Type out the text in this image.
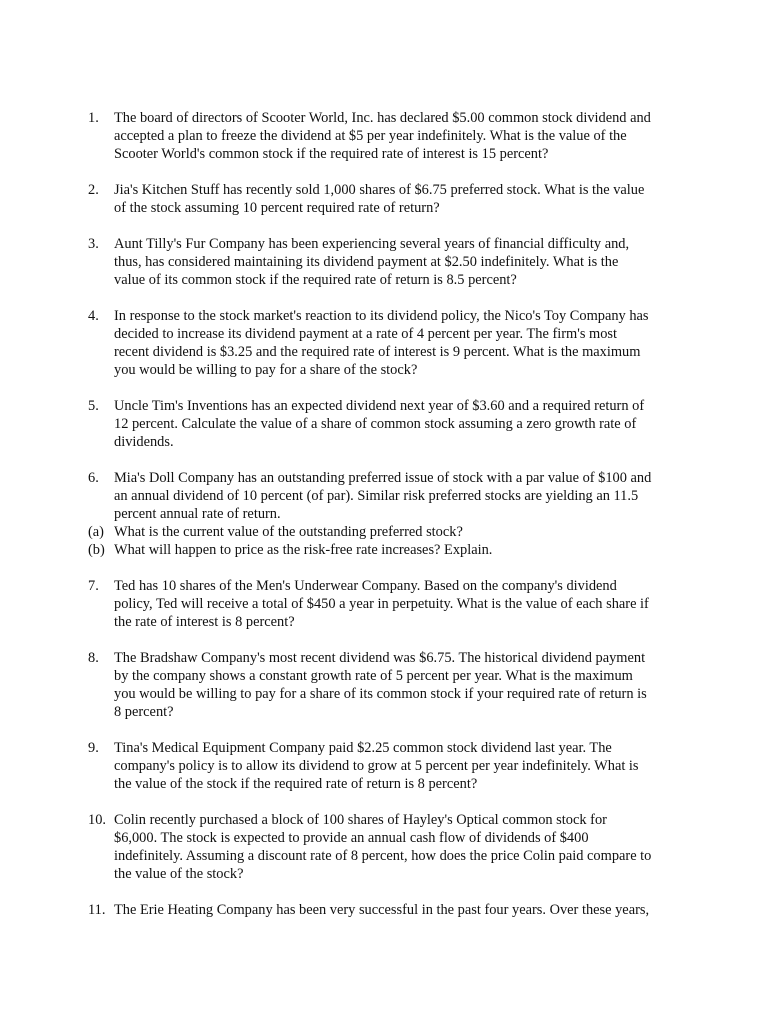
1.	The board of directors of Scooter World, Inc. has declared $5.00 common stock dividend and
accepted a plan to freeze the dividend at $5 per year indefinitely. What is the value of the
Scooter World's common stock if the required rate of interest is 15 percent?
2.	Jia's Kitchen Stuff has recently sold 1,000 shares of $6.75 preferred stock. What is the value
of the stock assuming 10 percent required rate of return?
3.	Aunt Tilly's Fur Company has been experiencing several years of financial difficulty and,
thus, has considered maintaining its dividend payment at $2.50 indefinitely. What is the
value of its common stock if the required rate of return is 8.5 percent?
4.	In response to the stock market's reaction to its dividend policy, the Nico's Toy Company has
decided to increase its dividend payment at a rate of 4 percent per year. The firm's most
recent dividend is $3.25 and the required rate of interest is 9 percent. What is the maximum
you would be willing to pay for a share of the stock?
5.	Uncle Tim's Inventions has an expected dividend next year of $3.60 and a required return of
12 percent. Calculate the value of a share of common stock assuming a zero growth rate of
dividends.
6.	Mia's Doll Company has an outstanding preferred issue of stock with a par value of $100 and
an annual dividend of 10 percent (of par). Similar risk preferred stocks are yielding an 11.5
percent annual rate of return.
(a) What is the current value of the outstanding preferred stock?
(b) What will happen to price as the risk-free rate increases? Explain.
7.	Ted has 10 shares of the Men's Underwear Company. Based on the company's dividend
policy, Ted will receive a total of $450 a year in perpetuity. What is the value of each share if
the rate of interest is 8 percent?
8.	The Bradshaw Company's most recent dividend was $6.75. The historical dividend payment
by the company shows a constant growth rate of 5 percent per year. What is the maximum
you would be willing to pay for a share of its common stock if your required rate of return is
8 percent?
9.	Tina's Medical Equipment Company paid $2.25 common stock dividend last year. The
company's policy is to allow its dividend to grow at 5 percent per year indefinitely. What is
the value of the stock if the required rate of return is 8 percent?
10. Colin recently purchased a block of 100 shares of Hayley's Optical common stock for
$6,000. The stock is expected to provide an annual cash flow of dividends of $400
indefinitely. Assuming a discount rate of 8 percent, how does the price Colin paid compare to
the value of the stock?
11. The Erie Heating Company has been very successful in the past four years. Over these years,
